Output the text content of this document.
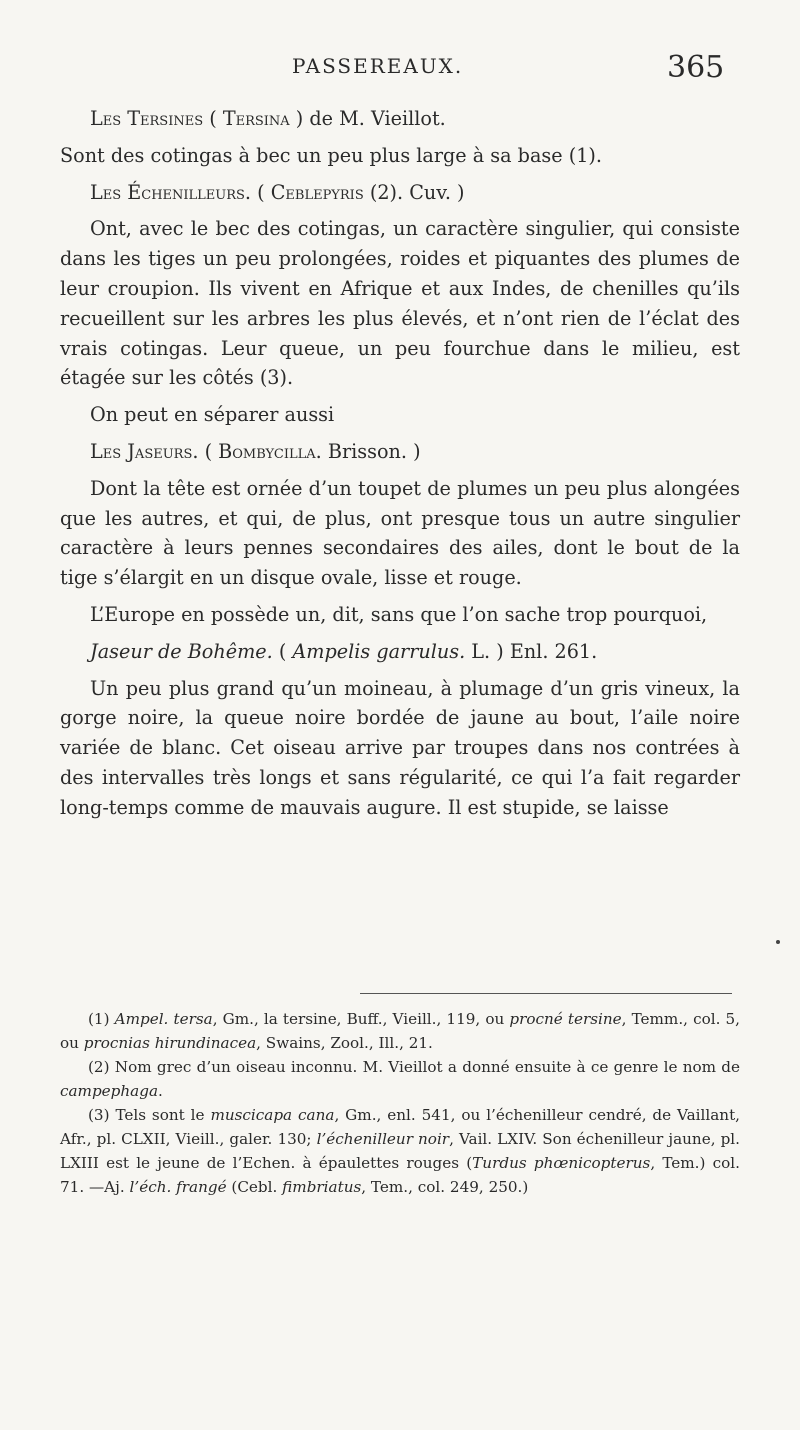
PASSEREAUX.	365

Les Tersines ( Tersina ) de M. Vieillot.

Sont des cotingas à bec un peu plus large à sa base (1).

Les Échenilleurs. ( Ceblepyris (2). Cuv. )

Ont, avec le bec des cotingas, un caractère singulier, qui consiste dans les tiges un peu prolongées, roides et piquantes des plumes de leur croupion. Ils vivent en Afrique et aux Indes, de chenilles qu’ils recueillent sur les arbres les plus élevés, et n’ont rien de l’éclat des vrais cotingas. Leur queue, un peu fourchue dans le milieu, est étagée sur les côtés (3).

On peut en séparer aussi

Les Jaseurs. ( Bombycilla. Brisson. )

Dont la tête est ornée d’un toupet de plumes un peu plus alongées que les autres, et qui, de plus, ont presque tous un autre singulier caractère à leurs pennes secondaires des ailes, dont le bout de la tige s’élargit en un disque ovale, lisse et rouge.

L’Europe en possède un, dit, sans que l’on sache trop pourquoi,

Jaseur de Bohême. ( Ampelis garrulus. L. ) Enl. 261.

Un peu plus grand qu’un moineau, à plumage d’un gris vineux, la gorge noire, la queue noire bordée de jaune au bout, l’aile noire variée de blanc. Cet oiseau arrive par troupes dans nos contrées à des intervalles très longs et sans régularité, ce qui l’a fait regarder long-temps comme de mauvais augure. Il est stupide, se laisse

(1) Ampel. tersa, Gm., la tersine, Buff., Vieill., 119, ou procné tersine, Temm., col. 5, ou procnias hirundinacea, Swains, Zool., Ill., 21.

(2) Nom grec d’un oiseau inconnu. M. Vieillot a donné ensuite à ce genre le nom de campephaga.

(3) Tels sont le muscicapa cana, Gm., enl. 541, ou l’échenilleur cendré, de Vaillant, Afr., pl. CLXII, Vieill., galer. 130; l’échenilleur noir, Vail. LXIV. Son échenilleur jaune, pl. LXIII est le jeune de l’Echen. à épaulettes rouges (Turdus phœnicopterus, Tem.) col. 71. —Aj. l’éch. frangé (Cebl. fimbriatus, Tem., col. 249, 250.)
